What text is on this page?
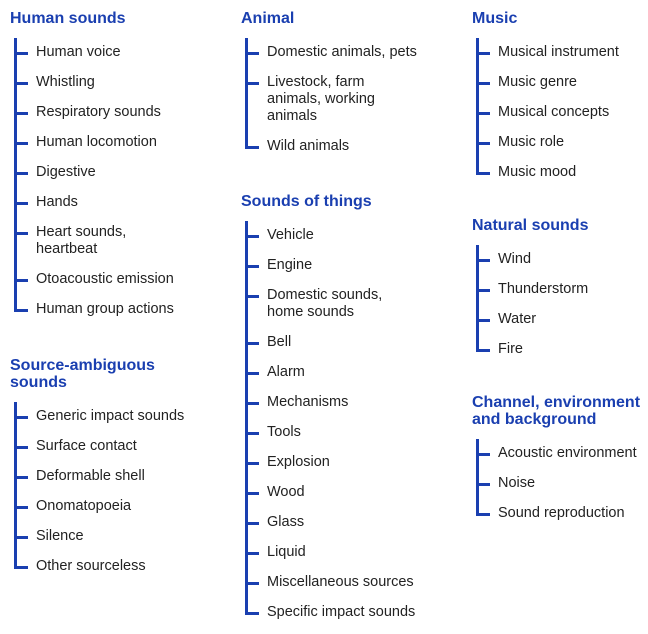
Human sounds
Human voice
Whistling
Respiratory sounds
Human locomotion
Digestive
Hands
Heart sounds,
heartbeat
Otoacoustic emission
Human group actions
Source-ambiguous
sounds
Generic impact sounds
Surface contact
Deformable shell
Onomatopoeia
Silence
Other sourceless
Animal
Domestic animals, pets
Livestock, farm
animals, working
animals
Wild animals
Sounds of things
Vehicle
Engine
Domestic sounds,
home sounds
Bell
Alarm
Mechanisms
Tools
Explosion
Wood
Glass
Liquid
Miscellaneous sources
Specific impact sounds
Music
Musical instrument
Music genre
Musical concepts
Music role
Music mood
Natural sounds
Wind
Thunderstorm
Water
Fire
Channel, environment
and background
Acoustic environment
Noise
Sound reproduction
